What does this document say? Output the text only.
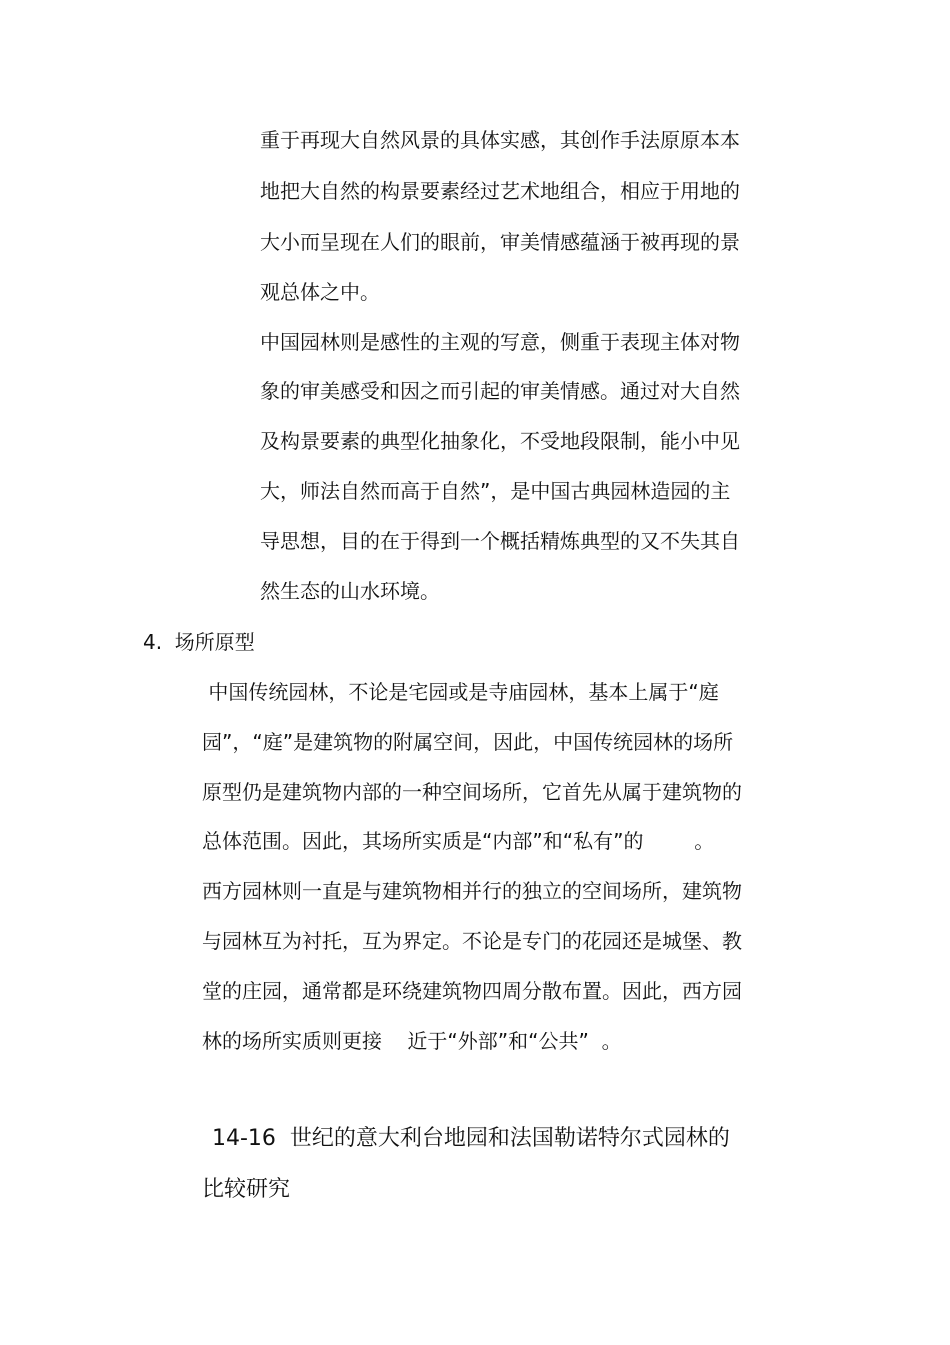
重于再现大自然风景的具体实感，其创作手法原原本本
地把大自然的构景要素经过艺术地组合，相应于用地的
大小而呈现在人们的眼前，审美情感蕴涵于被再现的景
观总体之中。
中国园林则是感性的主观的写意，侧重于表现主体对物
象的审美感受和因之而引起的审美情感。通过对大自然
及构景要素的典型化抽象化，不受地段限制，能小中见
大，师法自然而高于自然”，是中国古典园林造园的主
导思想，目的在于得到一个概括精炼典型的又不失其自
然生态的山水环境。
4.  场所原型
中国传统园林，不论是宅园或是寺庙园林，基本上属于“庭
园”，“庭”是建筑物的附属空间，因此，中国传统园林的场所
原型仍是建筑物内部的一种空间场所，它首先从属于建筑物的
总体范围。因此，其场所实质是“内部”和“私有”的        。
西方园林则一直是与建筑物相并行的独立的空间场所，建筑物
与园林互为衬托，互为界定。不论是专门的花园还是城堡、教
堂的庄园，通常都是环绕建筑物四周分散布置。因此，西方园
林的场所实质则更接    近于“外部”和“公共”  。
14-16  世纪的意大利台地园和法国勒诺特尔式园林的
比较研究
